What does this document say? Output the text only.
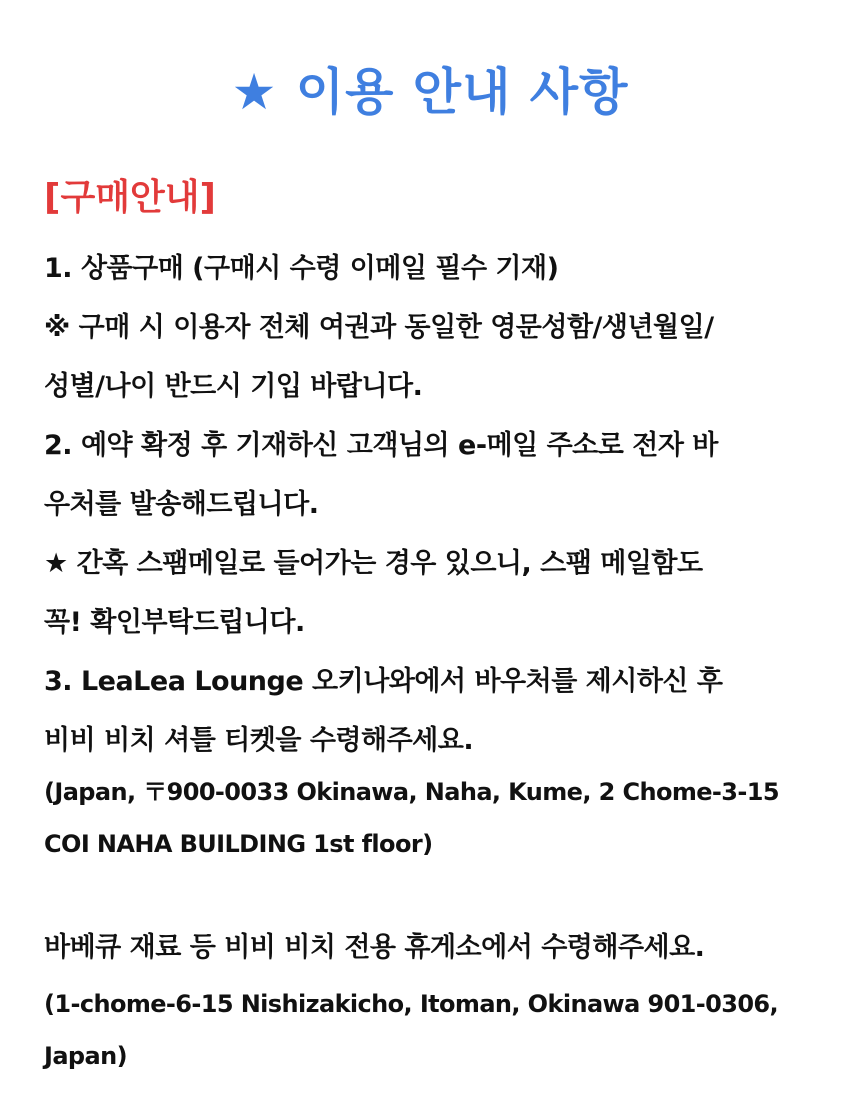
★ 이용 안내 사항
[구매안내]
1. 상품구매 (구매시 수령 이메일 필수 기재)
※ 구매 시 이용자 전체 여권과 동일한 영문성함/생년월일/
성별/나이 반드시 기입 바랍니다.
2. 예약 확정 후 기재하신 고객님의 e-메일 주소로 전자 바
우처를 발송해드립니다.
★ 간혹 스팸메일로 들어가는 경우 있으니, 스팸 메일함도
꼭! 확인부탁드립니다.
3. LeaLea Lounge 오키나와에서 바우처를 제시하신 후
비비 비치 셔틀 티켓을 수령해주세요.
(Japan, 〒900-0033 Okinawa, Naha, Kume, 2 Chome-3-15
COI NAHA BUILDING 1st floor)
바베큐 재료 등 비비 비치 전용 휴게소에서 수령해주세요.
(1-chome-6-15 Nishizakicho, Itoman, Okinawa 901-0306,
Japan)
